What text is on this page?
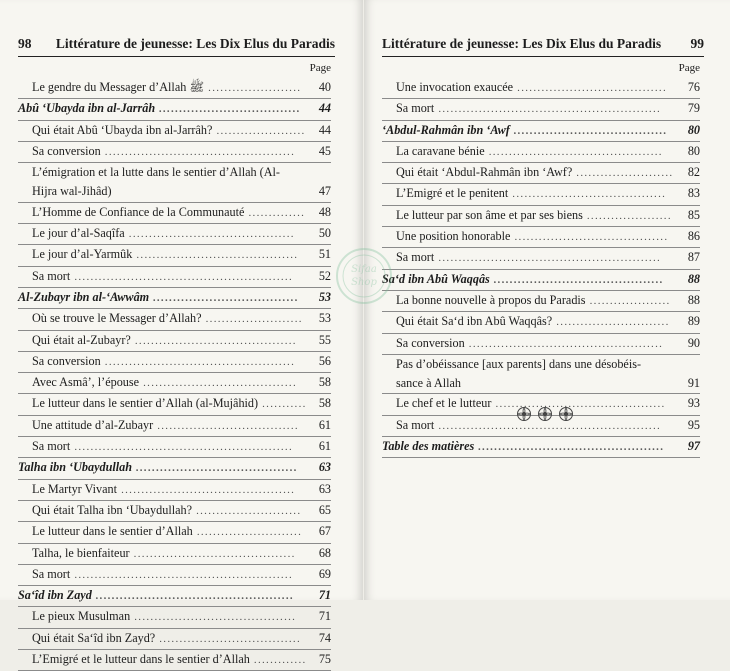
98 Littérature de jeunesse: Les Dix Elus du Paradis
Page
Le gendre du Messager d’Allah ﷺ ....................... 40
Abû ‘Ubayda ibn al-Jarrâh ................................... 44
Qui était Abû ‘Ubayda ibn al-Jarrâh? ...................... 44
Sa conversion ............................................... 45
L’émigration et la lutte dans le sentier d’Allah (Al-
Hijra wal-Jihâd)	47
L’Homme de Confiance de la Communauté .............. 48
Le jour d’al-Saqîfa ......................................... 50
Le jour d’al-Yarmûk ........................................ 51
Sa mort ...................................................... 52
Al-Zubayr ibn al-‘Awwâm .................................... 53
Où se trouve le Messager d’Allah? ........................ 53
Qui était al-Zubayr? ........................................ 55
Sa conversion ............................................... 56
Avec Asmâ’, l’épouse ...................................... 58
Le lutteur dans le sentier d’Allah (al-Mujâhid) ........... 58
Une attitude d’al-Zubayr ................................... 61
Sa mort ...................................................... 61
Talha ibn ‘Ubaydullah ........................................ 63
Le Martyr Vivant ........................................... 63
Qui était Talha ibn ‘Ubaydullah? .......................... 65
Le lutteur dans le sentier d’Allah .......................... 67
Talha, le bienfaiteur ........................................ 68
Sa mort ...................................................... 69
Sa‘îd ibn Zayd ................................................. 71
Le pieux Musulman ........................................ 71
Qui était Sa‘îd ibn Zayd? ................................... 74
L’Emigré et le lutteur dans le sentier d’Allah ............. 75
Littérature de jeunesse: Les Dix Elus du Paradis 99
Page
Une invocation exaucée ..................................... 76
Sa mort ....................................................... 79
‘Abdul-Rahmân ibn ‘Awf ...................................... 80
La caravane bénie ........................................... 80
Qui était ‘Abdul-Rahmân ibn ‘Awf? ........................ 82
L’Emigré et le penitent ...................................... 83
Le lutteur par son âme et par ses biens ..................... 85
Une position honorable ...................................... 86
Sa mort ....................................................... 87
Sa‘d ibn Abû Waqqâs .......................................... 88
La bonne nouvelle à propos du Paradis .................... 88
Qui était Sa‘d ibn Abû Waqqâs? ............................ 89
Sa conversion ................................................ 90
Pas d’obéissance [aux parents] dans une désobéis-
sance à Allah	91
Le chef et le lutteur .......................................... 93
Sa mort ....................................................... 95
Table des matières .............................................. 97
Sifaa
Shop
